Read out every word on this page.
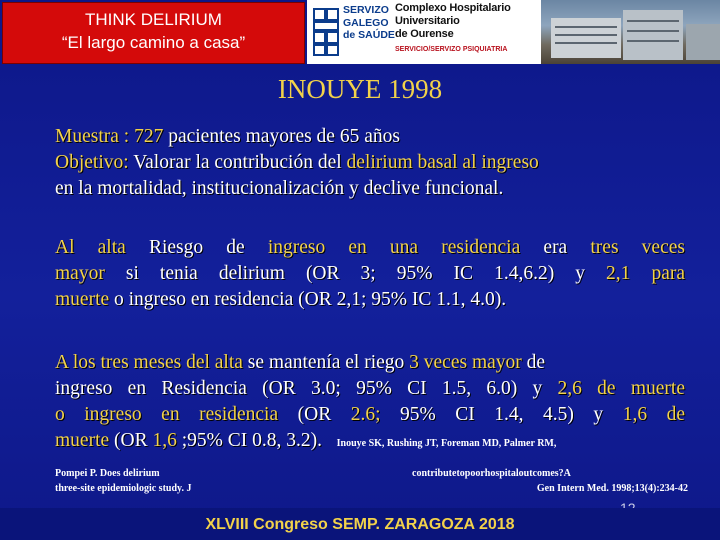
THINK DELIRIUM
“El largo camino a casa”
SERVIZO
GALEGO
de SAÚDE
Complexo Hospitalario Universitario
de Ourense
SERVICIO/SERVIZO PSIQUIATRIA
INOUYE 1998
Muestra : 727 pacientes mayores de 65 años
Objetivo: Valorar la contribución del delirium basal al ingreso
en la mortalidad, institucionalización y declive funcional.
Al alta Riesgo de ingreso en una residencia era tres veces
mayor si tenia delirium (OR 3; 95% IC 1.4,6.2) y 2,1 para
muerte o ingreso en residencia (OR 2,1; 95% IC 1.1, 4.0).
A los tres meses del alta se mantenía el riego 3 veces mayor de
ingreso en Residencia (OR 3.0; 95% CI 1.5, 6.0) y 2,6 de muerte
o ingreso en residencia (OR 2.6; 95% CI 1.4, 4.5) y 1,6 de
muerte (OR 1,6 ;95% CI 0.8, 3.2). Inouye SK, Rushing JT, Foreman MD, Palmer RM,
Pompei P. Does delirium
three-site epidemiologic study. J
contributetopoorhospitaloutcomes?A
Gen Intern Med. 1998;13(4):234-42
XLVIII Congreso SEMP. ZARAGOZA 2018
